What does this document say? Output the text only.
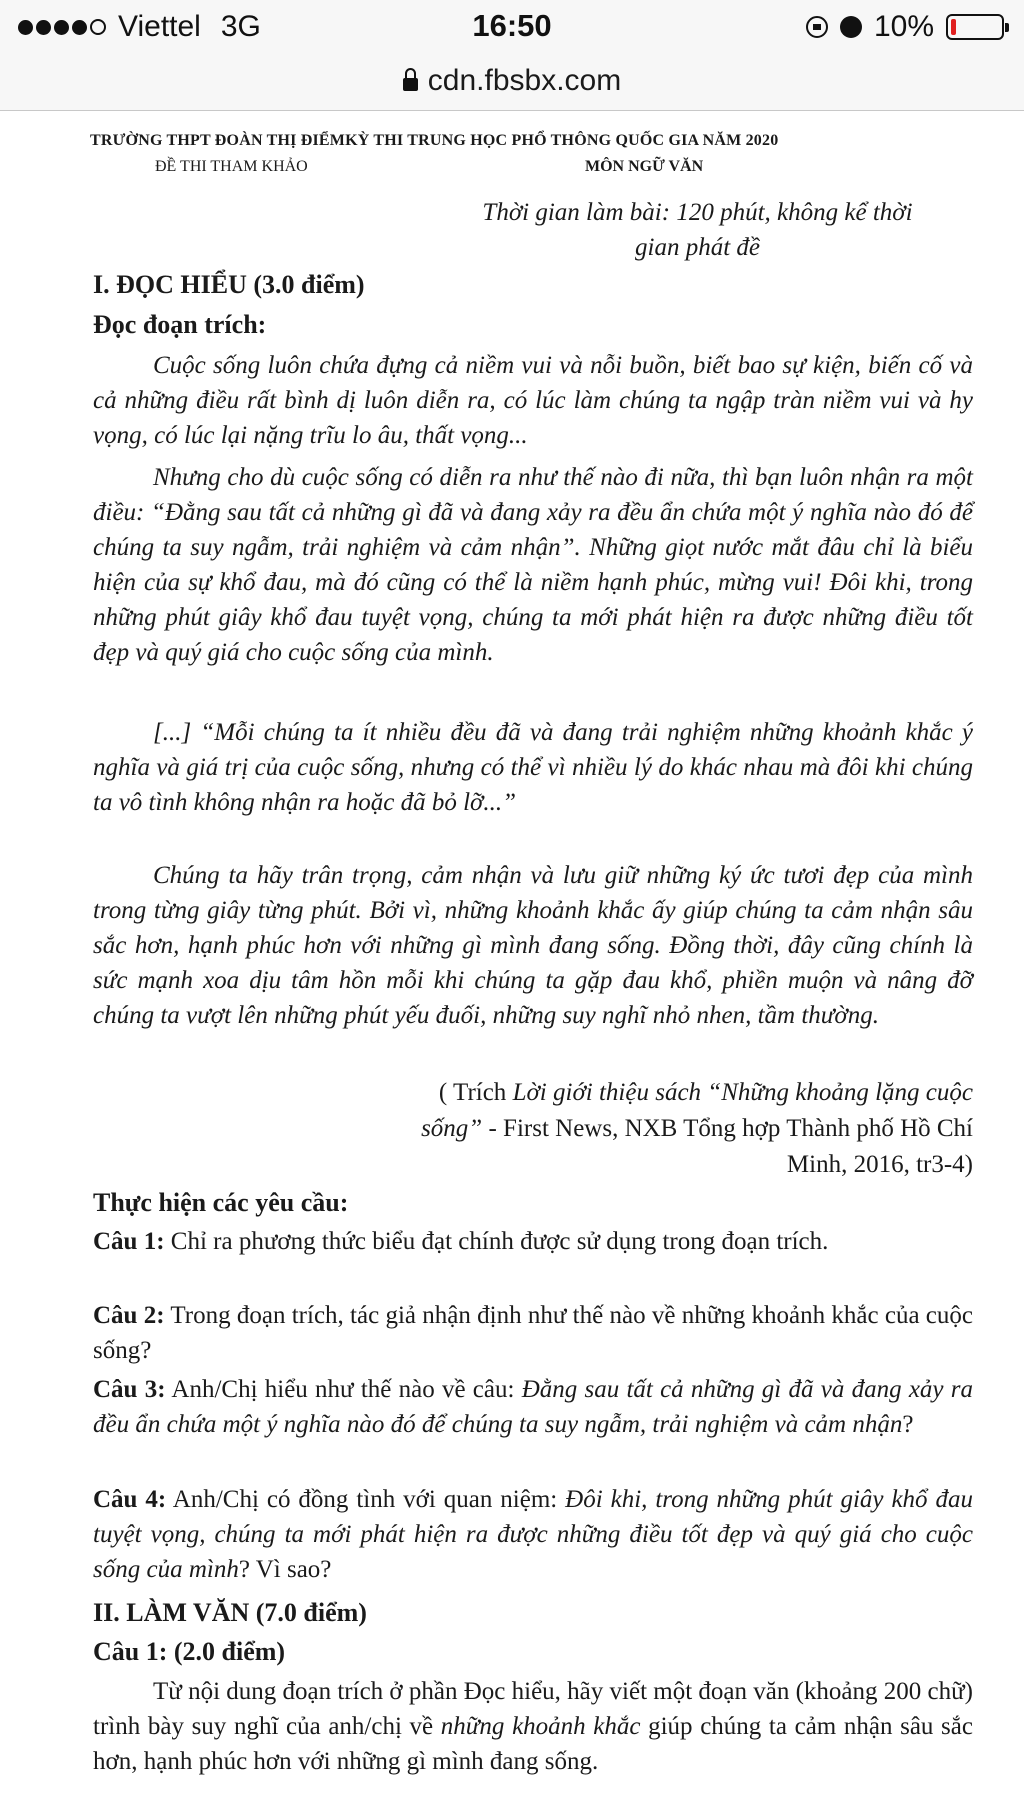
Viettel 3G	16:50	10%
cdn.fbsbx.com
TRƯỜNG THPT ĐOÀN THỊ ĐIỂMKỲ THI TRUNG HỌC PHỔ THÔNG QUỐC GIA NĂM 2020
ĐỀ THI THAM KHẢO	MÔN NGỮ VĂN
Thời gian làm bài: 120 phút, không kể thời
gian phát đề
I. ĐỌC HIỂU (3.0 điểm)
Đọc đoạn trích:
Cuộc sống luôn chứa đựng cả niềm vui và nỗi buồn, biết bao sự kiện, biến cố và cả những điều rất bình dị luôn diễn ra, có lúc làm chúng ta ngập tràn niềm vui và hy vọng, có lúc lại nặng trĩu lo âu, thất vọng...
Nhưng cho dù cuộc sống có diễn ra như thế nào đi nữa, thì bạn luôn nhận ra một điều: “Đằng sau tất cả những gì đã và đang xảy ra đều ẩn chứa một ý nghĩa nào đó để chúng ta suy ngẫm, trải nghiệm và cảm nhận”. Những giọt nước mắt đâu chỉ là biểu hiện của sự khổ đau, mà đó cũng có thể là niềm hạnh phúc, mừng vui! Đôi khi, trong những phút giây khổ đau tuyệt vọng, chúng ta mới phát hiện ra được những điều tốt đẹp và quý giá cho cuộc sống của mình.
[...] “Mỗi chúng ta ít nhiều đều đã và đang trải nghiệm những khoảnh khắc ý nghĩa và giá trị của cuộc sống, nhưng có thể vì nhiều lý do khác nhau mà đôi khi chúng ta vô tình không nhận ra hoặc đã bỏ lỡ...”
Chúng ta hãy trân trọng, cảm nhận và lưu giữ những ký ức tươi đẹp của mình trong từng giây từng phút. Bởi vì, những khoảnh khắc ấy giúp chúng ta cảm nhận sâu sắc hơn, hạnh phúc hơn với những gì mình đang sống. Đồng thời, đây cũng chính là sức mạnh xoa dịu tâm hồn mỗi khi chúng ta gặp đau khổ, phiền muộn và nâng đỡ chúng ta vượt lên những phút yếu đuối, những suy nghĩ nhỏ nhen, tầm thường.
( Trích Lời giới thiệu sách “Những khoảng lặng cuộc sống” - First News, NXB Tổng hợp Thành phố Hồ Chí Minh, 2016, tr3-4)
Thực hiện các yêu cầu:
Câu 1: Chỉ ra phương thức biểu đạt chính được sử dụng trong đoạn trích.
Câu 2: Trong đoạn trích, tác giả nhận định như thế nào về những khoảnh khắc của cuộc sống?
Câu 3: Anh/Chị hiểu như thế nào về câu: Đằng sau tất cả những gì đã và đang xảy ra đều ẩn chứa một ý nghĩa nào đó để chúng ta suy ngẫm, trải nghiệm và cảm nhận?
Câu 4: Anh/Chị có đồng tình với quan niệm: Đôi khi, trong những phút giây khổ đau tuyệt vọng, chúng ta mới phát hiện ra được những điều tốt đẹp và quý giá cho cuộc sống của mình? Vì sao?
II. LÀM VĂN (7.0 điểm)
Câu 1: (2.0 điểm)
Từ nội dung đoạn trích ở phần Đọc hiểu, hãy viết một đoạn văn (khoảng 200 chữ) trình bày suy nghĩ của anh/chị về những khoảnh khắc giúp chúng ta cảm nhận sâu sắc hơn, hạnh phúc hơn với những gì mình đang sống.
